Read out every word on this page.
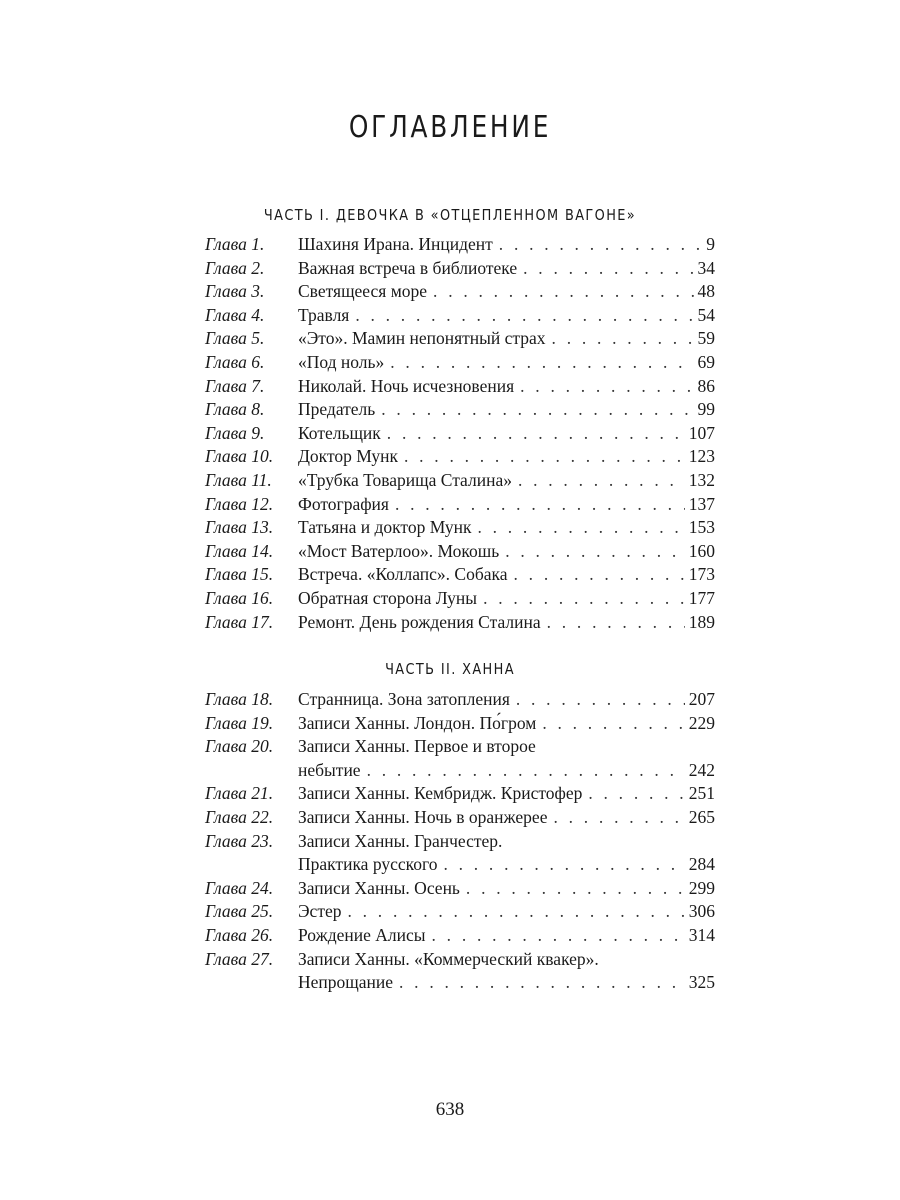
ОГЛАВЛЕНИЕ
ЧАСТЬ I. ДЕВОЧКА В «ОТЦЕПЛЕННОМ ВАГОНЕ»
Глава 1.	Шахиня Ирана. Инцидент . . .	9
Глава 2.	Важная встреча в библиотеке . . .	34
Глава 3.	Светящееся море . . .	48
Глава 4.	Травля . . .	54
Глава 5.	«Это». Мамин непонятный страх . . .	59
Глава 6.	«Под ноль» . . .	69
Глава 7.	Николай. Ночь исчезновения . . .	86
Глава 8.	Предатель . . .	99
Глава 9.	Котельщик . . .	107
Глава 10.	Доктор Мунк . . .	123
Глава 11.	«Трубка Товарища Сталина» . . .	132
Глава 12.	Фотография . . .	137
Глава 13.	Татьяна и доктор Мунк . . .	153
Глава 14.	«Мост Ватерлоо». Мокошь . . .	160
Глава 15.	Встреча. «Коллапс». Собака . . .	173
Глава 16.	Обратная сторона Луны . . .	177
Глава 17.	Ремонт. День рождения Сталина . . .	189
ЧАСТЬ II. ХАННА
Глава 18.	Странница. Зона затопления . . .	207
Глава 19.	Записи Ханны. Лондон. По́гром . . .	229
Глава 20.	Записи Ханны. Первое и второе
небытие . . .	242
Глава 21.	Записи Ханны. Кембридж. Кристофер . . .	251
Глава 22.	Записи Ханны. Ночь в оранжерее . . .	265
Глава 23.	Записи Ханны. Гранчестер.
Практика русского . . .	284
Глава 24.	Записи Ханны. Осень . . .	299
Глава 25.	Эстер . . .	306
Глава 26.	Рождение Алисы . . .	314
Глава 27.	Записи Ханны. «Коммерческий квакер».
Непрощание . . .	325
638
